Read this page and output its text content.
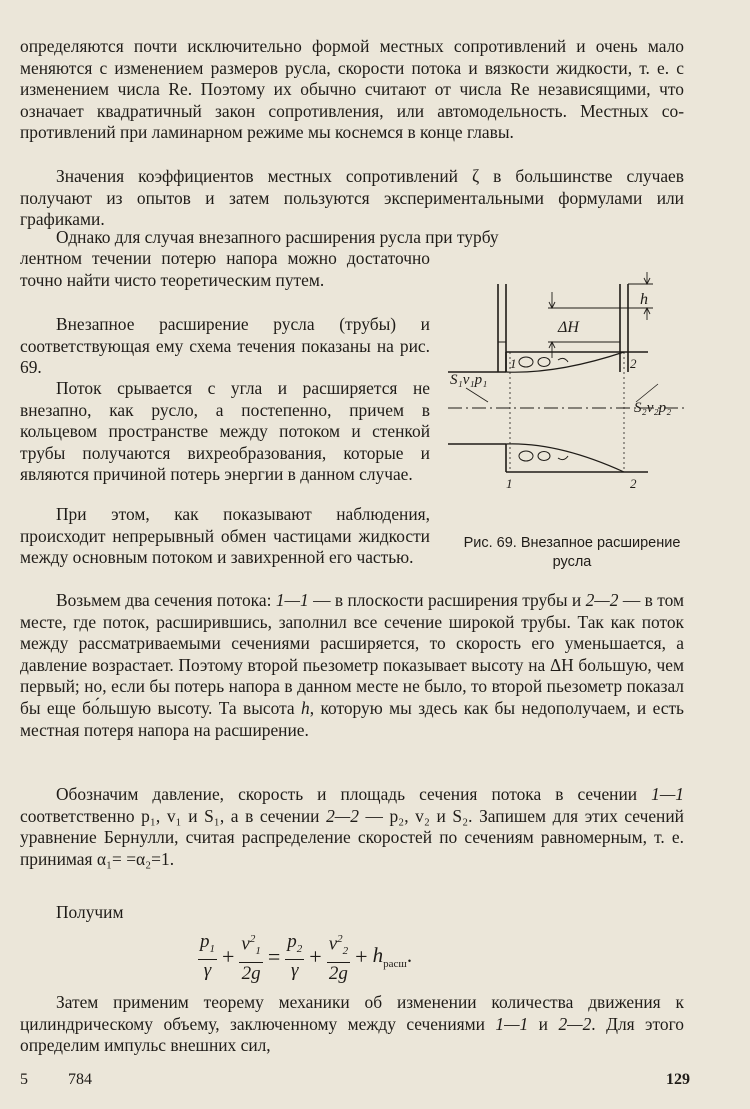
определяются почти исключительно формой местных сопротивлений и очень мало меняются с изменением размеров русла, скорости потока и вязкости жидкости, т. е. с изменением числа Re. Поэтому их обычно считают от числа Re независящими, что означает квадратичный закон сопротивления, или автомодельность. Местных сопротивлений при ламинарном режиме мы коснемся в конце главы.

Значения коэффициентов местных сопротивлений ζ в большинстве случаев получают из опытов и затем пользуются экспериментальными формулами или графиками.

Однако для случая внезапного расширения русла при турбу

лентном течении потерю напора можно достаточно точно найти чисто теоретическим путем.

Внезапное расширение русла (трубы) и соответствующая ему схема течения показаны на рис. 69.

Поток срывается с угла и расширяется не внезапно, как русло, а постепенно, причем в кольцевом пространстве между потоком и стенкой трубы получаются вихреобразования, которые и являются причиной потерь энергии в данном случае.

При этом, как показывают наблюдения, происходит непрерывный обмен частицами жидкости между основным потоком и завихренной его частью.

Возьмем два сечения потока: 1—1 — в плоскости расширения трубы и 2—2 — в том месте, где поток, расширившись, заполнил все сечение широкой трубы. Так как поток между рассматриваемыми сечениями расширяется, то скорость его уменьшается, а давление возрастает. Поэтому второй пьезометр показывает высоту на ΔH большую, чем первый; но, если бы потерь напора в данном месте не было, то второй пьезометр показал бы еще бо́льшую высоту. Та высота h, которую мы здесь как бы недополучаем, и есть местная потеря напора на расширение.

Обозначим давление, скорость и площадь сечения потока в сечении 1—1 соответственно p₁, v₁ и S₁, а в сечении 2—2 — p₂, v₂ и S₂. Запишем для этих сечений уравнение Бернулли, считая распределение скоростей по сечениям равномерным, т. е. принимая α₁= =α₂=1.

Получим

$\frac{p_1}{\gamma} + \frac{v^2_1}{2g} = \frac{p_2}{\gamma} + \frac{v^2_2}{2g} + h_{расш}$.

Затем применим теорему механики об изменении количества движения к цилиндрическому объему, заключенному между сечениями 1—1 и 2—2. Для этого определим импульс внешних сил,

h
ΔH
1	2
1	2
S₁v₁p₁
S₂v₂p₂
Рис. 69. Внезапное расширение русла
5	784	129
